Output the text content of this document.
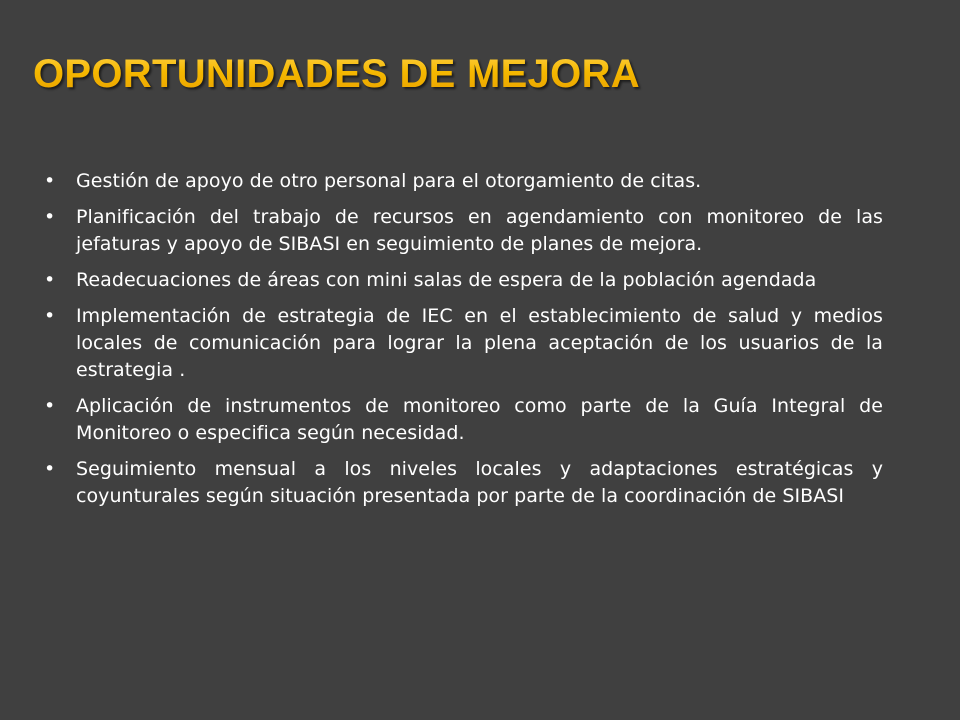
OPORTUNIDADES DE MEJORA
• Gestión de apoyo de otro personal para el otorgamiento de citas.
• Planificación del trabajo de recursos en agendamiento con monitoreo de las jefaturas y apoyo de SIBASI en seguimiento de planes de mejora.
• Readecuaciones de áreas con mini salas de espera de la población agendada
• Implementación de estrategia de IEC en el establecimiento de salud y medios locales de comunicación para lograr la plena aceptación de los usuarios de la estrategia .
• Aplicación de instrumentos de monitoreo como parte de la Guía Integral de Monitoreo o especifica según necesidad.
• Seguimiento mensual a los niveles locales y adaptaciones estratégicas y coyunturales según situación presentada por parte de la coordinación de SIBASI
